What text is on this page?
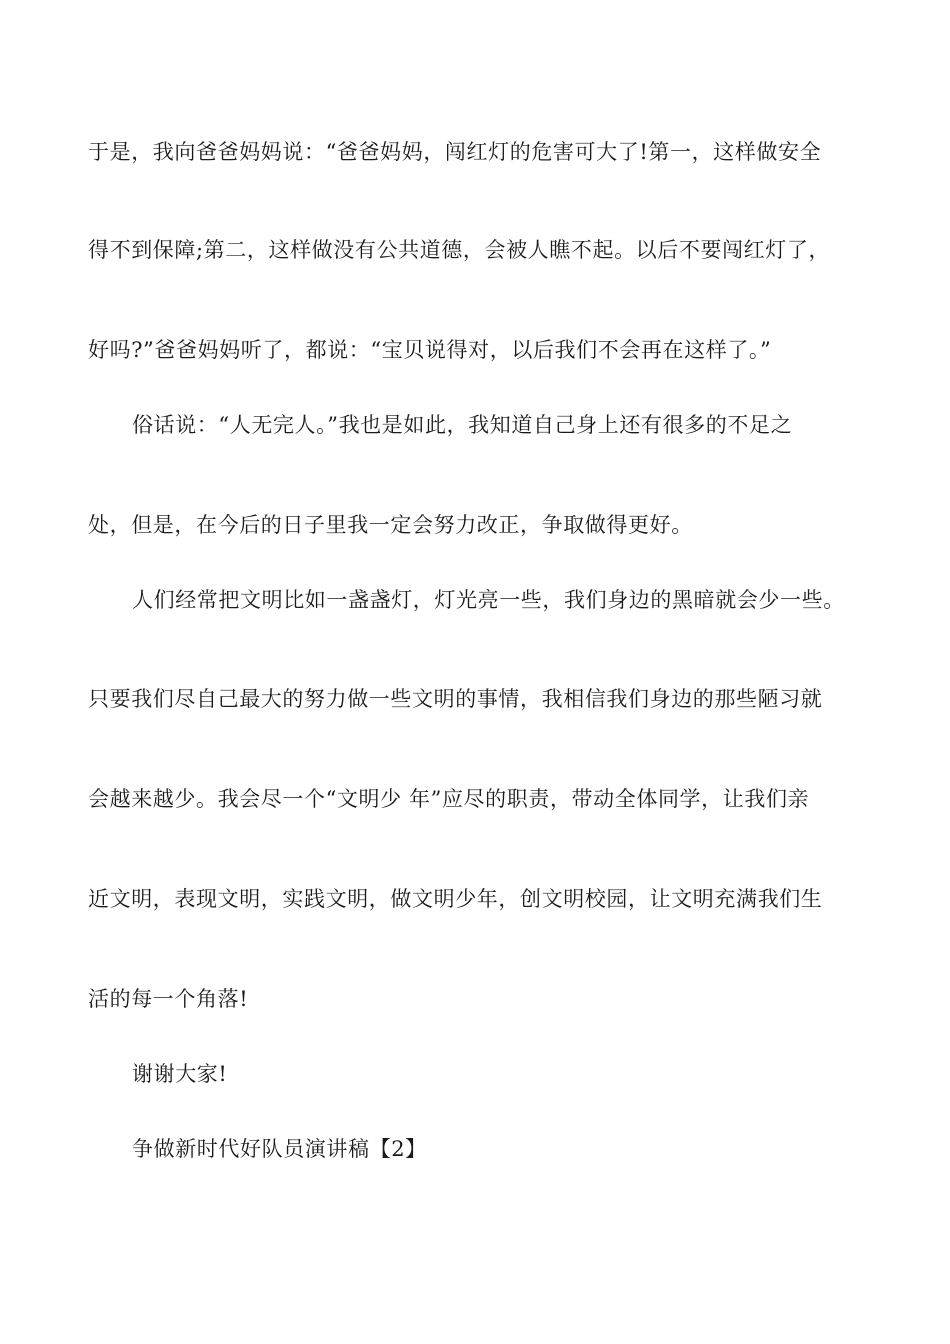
于是，我向爸爸妈妈说：“爸爸妈妈，闯红灯的危害可大了!第一，这样做安全
得不到保障;第二，这样做没有公共道德，会被人瞧不起。以后不要闯红灯了，
好吗?”爸爸妈妈听了，都说：“宝贝说得对，以后我们不会再在这样了。”
俗话说：“人无完人。”我也是如此，我知道自己身上还有很多的不足之
处，但是，在今后的日子里我一定会努力改正，争取做得更好。
人们经常把文明比如一盏盏灯，灯光亮一些，我们身边的黑暗就会少一些。
只要我们尽自己最大的努力做一些文明的事情，我相信我们身边的那些陋习就
会越来越少。我会尽一个“文明少 年”应尽的职责，带动全体同学，让我们亲
近文明，表现文明，实践文明，做文明少年，创文明校园，让文明充满我们生
活的每一个角落!
谢谢大家!
争做新时代好队员演讲稿【2】
